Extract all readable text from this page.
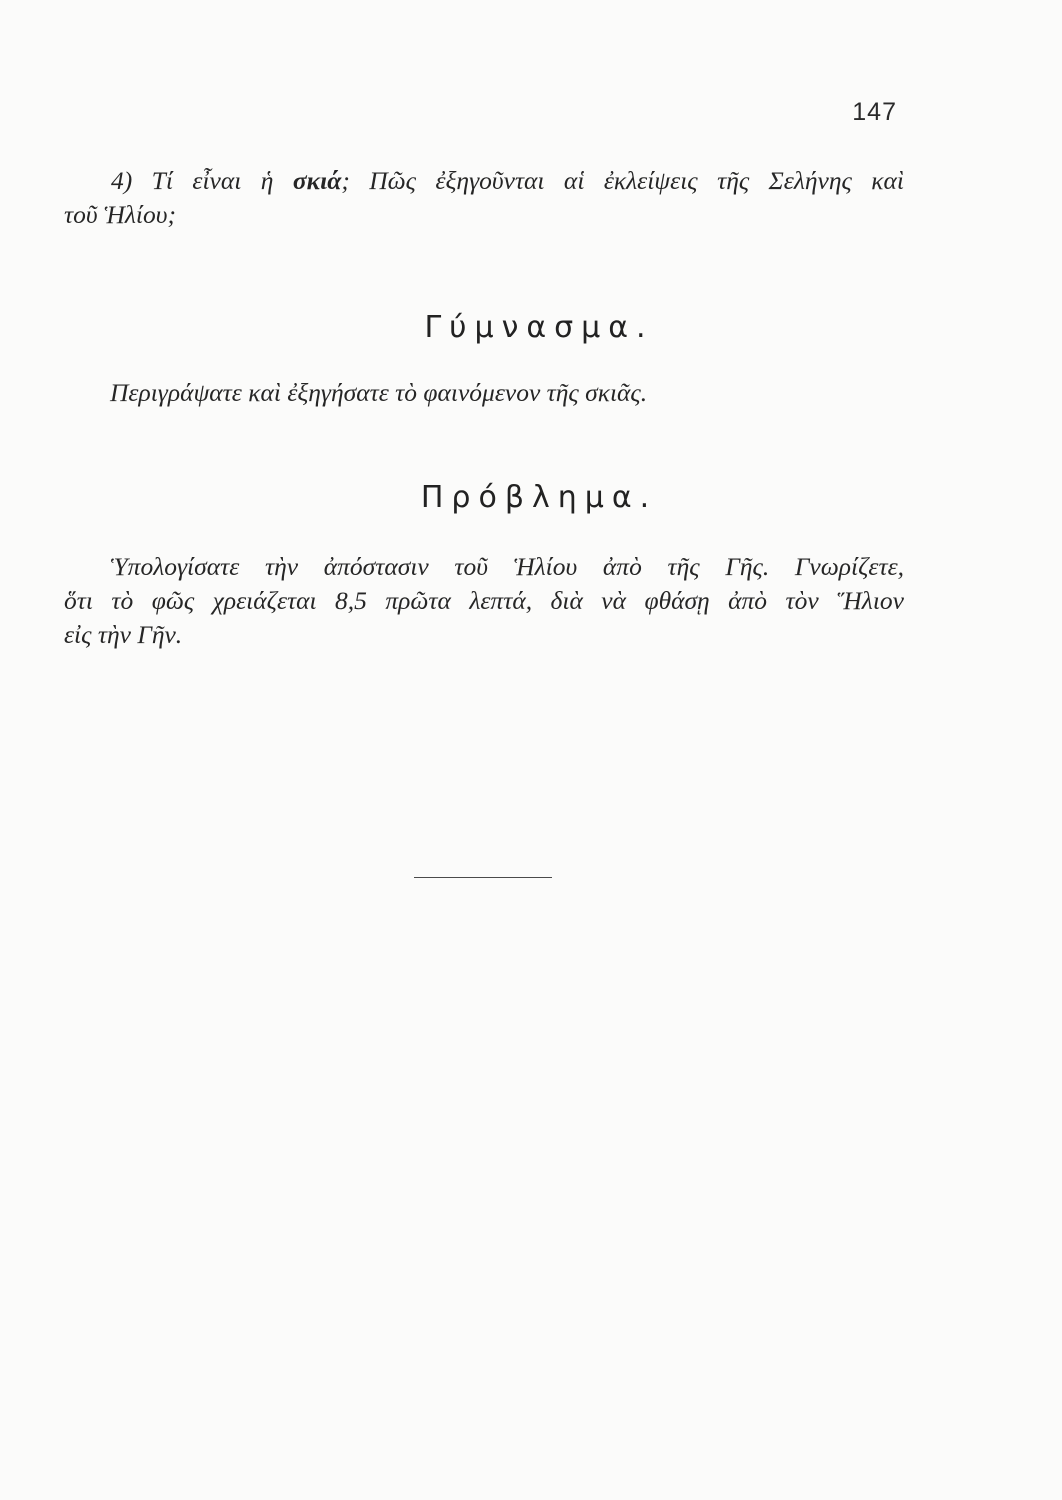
147
4) Τί εἶναι ἡ σκιά; Πῶς ἐξηγοῦνται αἱ ἐκλείψεις τῆς Σελήνης καὶ
τοῦ Ἡλίου;
Γύμνασμα.
Περιγράψατε καὶ ἐξηγήσατε τὸ φαινόμενον τῆς σκιᾶς.
Πρόβλημα.
Ὑπολογίσατε τὴν ἀπόστασιν τοῦ Ἡλίου ἀπὸ τῆς Γῆς. Γνωρίζετε,
ὅτι τὸ φῶς χρειάζεται 8,5 πρῶτα λεπτά, διὰ νὰ φθάσῃ ἀπὸ τὸν Ἥλιον
εἰς τὴν Γῆν.
